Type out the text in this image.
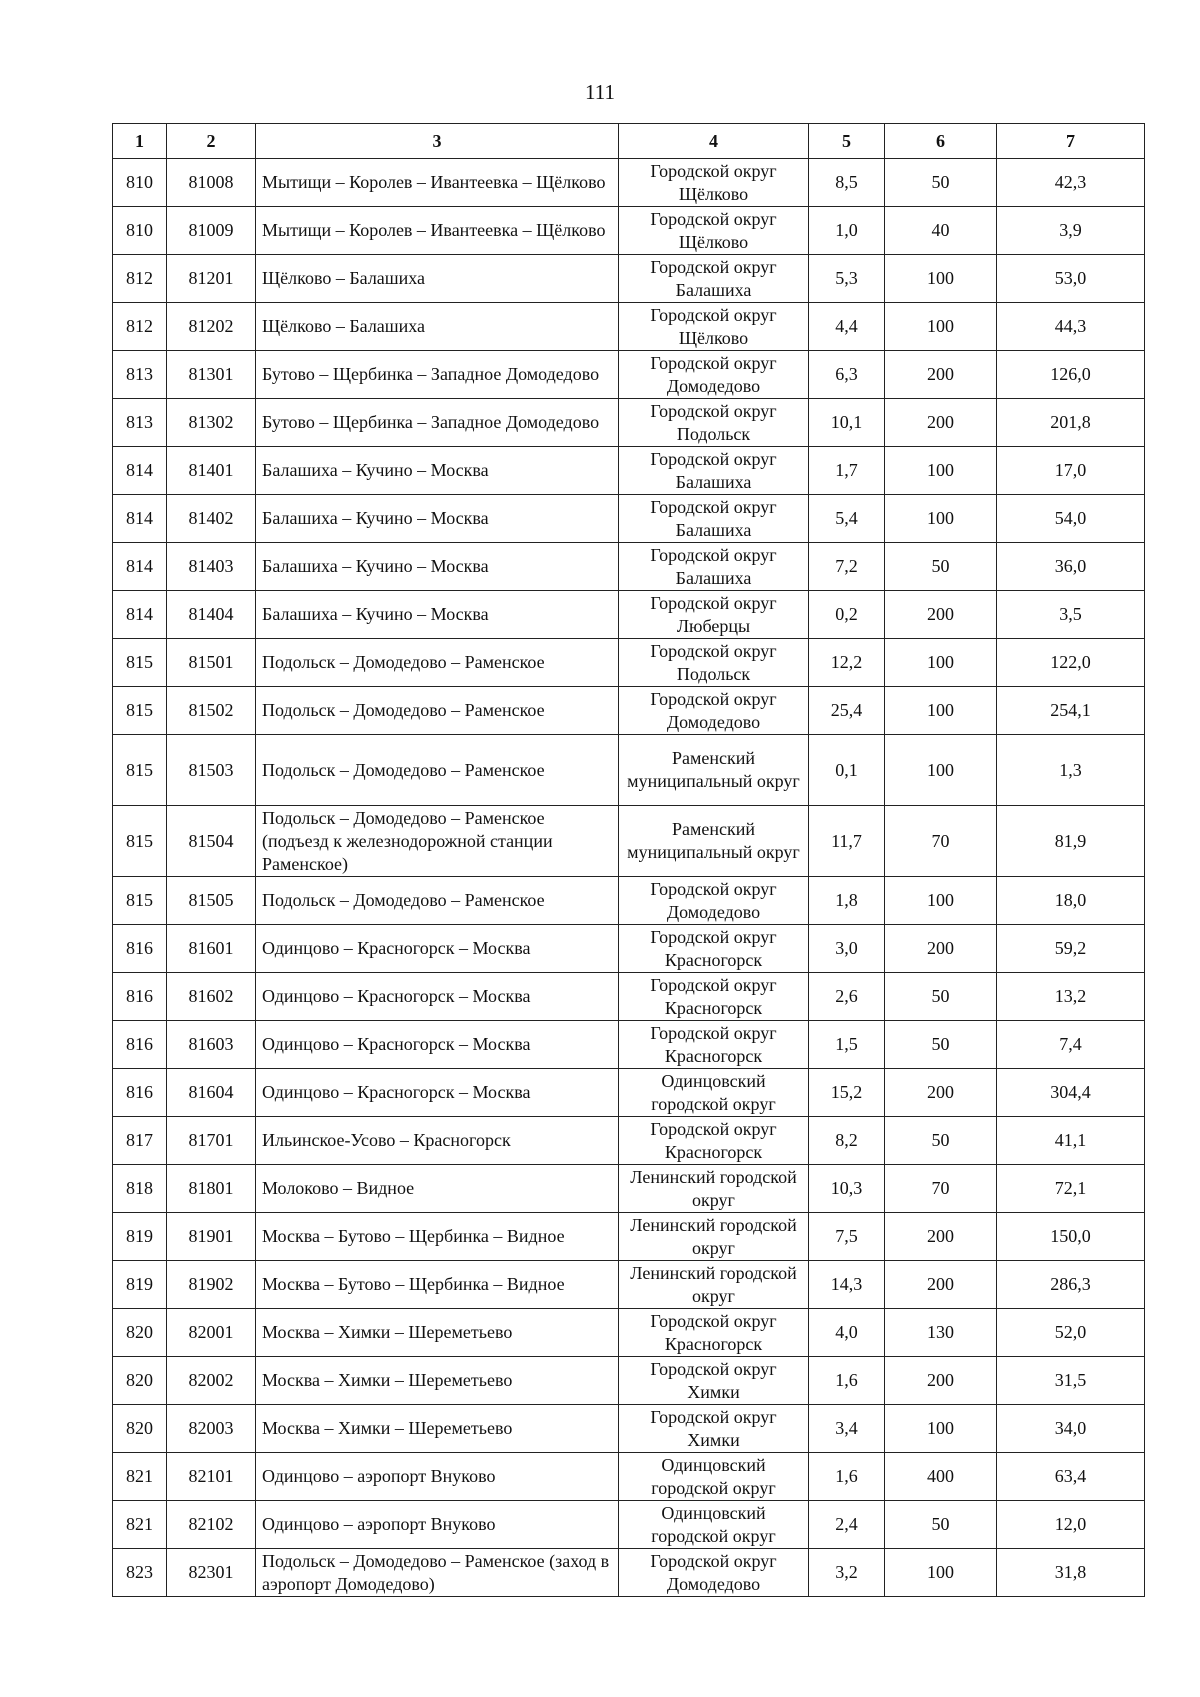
111
1	2	3	4	5	6	7
810	81008	Мытищи – Королев – Ивантеевка – Щёлково	Городской округ Щёлково	8,5	50	42,3
810	81009	Мытищи – Королев – Ивантеевка – Щёлково	Городской округ Щёлково	1,0	40	3,9
812	81201	Щёлково – Балашиха	Городской округ Балашиха	5,3	100	53,0
812	81202	Щёлково – Балашиха	Городской округ Щёлково	4,4	100	44,3
813	81301	Бутово – Щербинка – Западное Домодедово	Городской округ Домодедово	6,3	200	126,0
813	81302	Бутово – Щербинка – Западное Домодедово	Городской округ Подольск	10,1	200	201,8
814	81401	Балашиха – Кучино – Москва	Городской округ Балашиха	1,7	100	17,0
814	81402	Балашиха – Кучино – Москва	Городской округ Балашиха	5,4	100	54,0
814	81403	Балашиха – Кучино – Москва	Городской округ Балашиха	7,2	50	36,0
814	81404	Балашиха – Кучино – Москва	Городской округ Люберцы	0,2	200	3,5
815	81501	Подольск – Домодедово – Раменское	Городской округ Подольск	12,2	100	122,0
815	81502	Подольск – Домодедово – Раменское	Городской округ Домодедово	25,4	100	254,1
815	81503	Подольск – Домодедово – Раменское	Раменский муниципальный округ	0,1	100	1,3
815	81504	Подольск – Домодедово – Раменское (подъезд к железнодорожной станции Раменское)	Раменский муниципальный округ	11,7	70	81,9
815	81505	Подольск – Домодедово – Раменское	Городской округ Домодедово	1,8	100	18,0
816	81601	Одинцово – Красногорск – Москва	Городской округ Красногорск	3,0	200	59,2
816	81602	Одинцово – Красногорск – Москва	Городской округ Красногорск	2,6	50	13,2
816	81603	Одинцово – Красногорск – Москва	Городской округ Красногорск	1,5	50	7,4
816	81604	Одинцово – Красногорск – Москва	Одинцовский городской округ	15,2	200	304,4
817	81701	Ильинское-Усово – Красногорск	Городской округ Красногорск	8,2	50	41,1
818	81801	Молоково – Видное	Ленинский городской округ	10,3	70	72,1
819	81901	Москва – Бутово – Щербинка – Видное	Ленинский городской округ	7,5	200	150,0
819	81902	Москва – Бутово – Щербинка – Видное	Ленинский городской округ	14,3	200	286,3
820	82001	Москва – Химки – Шереметьево	Городской округ Красногорск	4,0	130	52,0
820	82002	Москва – Химки – Шереметьево	Городской округ Химки	1,6	200	31,5
820	82003	Москва – Химки – Шереметьево	Городской округ Химки	3,4	100	34,0
821	82101	Одинцово – аэропорт Внуково	Одинцовский городской округ	1,6	400	63,4
821	82102	Одинцово – аэропорт Внуково	Одинцовский городской округ	2,4	50	12,0
823	82301	Подольск – Домодедово – Раменское (заход в аэропорт Домодедово)	Городской округ Домодедово	3,2	100	31,8
